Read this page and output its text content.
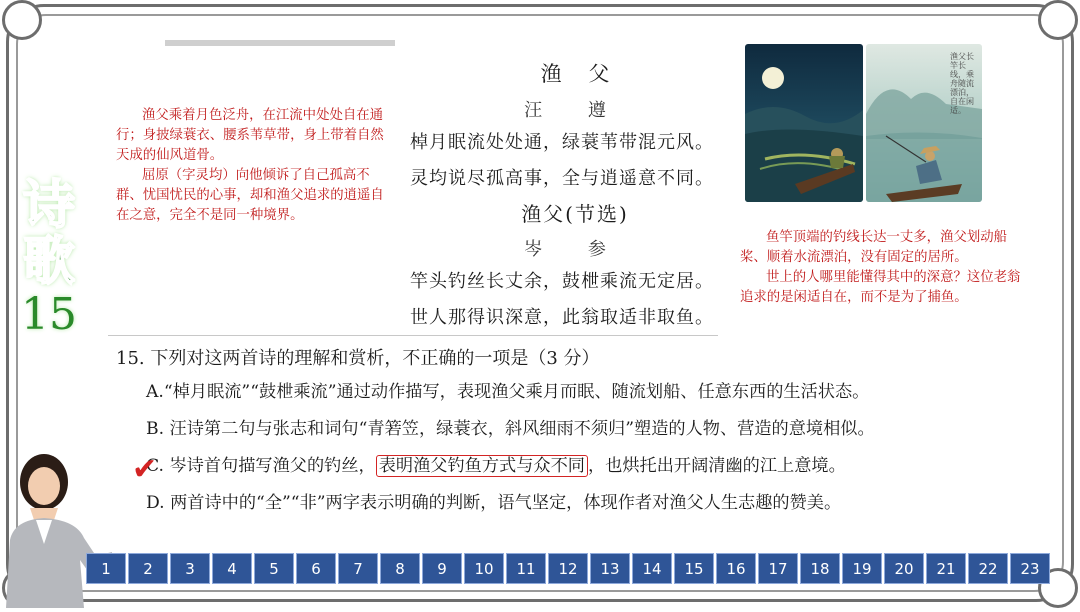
诗
歌
15
渔父乘着月色泛舟，在江流中处处自在通行；身披绿蓑衣、腰系苇草带，身上带着自然天成的仙风道骨。
屈原（字灵均）向他倾诉了自己孤高不群、忧国忧民的心事，却和渔父追求的逍遥自在之意，完全不是同一种境界。
渔 父
汪 遵
棹月眠流处处通，绿蓑苇带混元风。
灵均说尽孤高事，全与逍遥意不同。
渔父(节选)
岑 参
竿头钓丝长丈余，鼓枻乘流无定居。
世人那得识深意，此翁取适非取鱼。
渔父长竿长线，乘舟随流漂泊，自在闲适。
鱼竿顶端的钓线长达一丈多，渔父划动船桨、顺着水流漂泊，没有固定的居所。
世上的人哪里能懂得其中的深意？这位老翁追求的是闲适自在，而不是为了捕鱼。
15. 下列对这两首诗的理解和赏析，不正确的一项是（3 分）
A.“棹月眠流”“鼓枻乘流”通过动作描写，表现渔父乘月而眠、随流划船、任意东西的生活状态。
B. 汪诗第二句与张志和词句“青箬笠，绿蓑衣，斜风细雨不须归”塑造的人物、营造的意境相似。
C. 岑诗首句描写渔父的钓丝， 表明渔父钓鱼方式与众不同 ，也烘托出开阔清幽的江上意境。
D. 两首诗中的“全”“非”两字表示明确的判断，语气坚定，体现作者对渔父人生志趣的赞美。
✔
1	2	3	4	5	6	7	8	9	10	11	12	13	14	15	16	17	18	19	20	21	22	23
